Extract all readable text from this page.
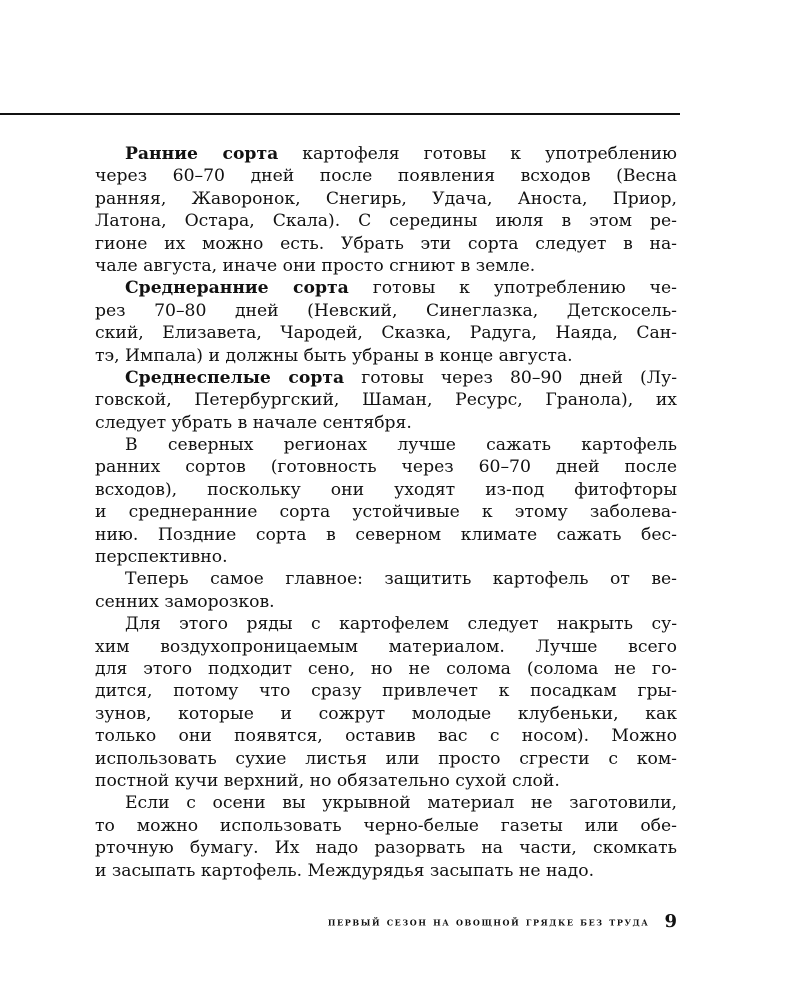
Ранние сорта картофеля готовы к употреблению
через 60–70 дней после появления всходов (Весна
ранняя, Жаворонок, Снегирь, Удача, Аноста, Приор,
Латона, Остара, Скала). С середины июля в этом ре-
гионе их можно есть. Убрать эти сорта следует в на-
чале августа, иначе они просто сгниют в земле.
Среднеранние сорта готовы к употреблению че-
рез 70–80 дней (Невский, Синеглазка, Детскосель-
ский, Елизавета, Чародей, Сказка, Радуга, Наяда, Сан-
тэ, Импала) и должны быть убраны в конце августа.
Среднеспелые сорта готовы через 80–90 дней (Лу-
говской, Петербургский, Шаман, Ресурс, Гранола), их
следует убрать в начале сентября.
В северных регионах лучше сажать картофель
ранних сортов (готовность через 60–70 дней после
всходов), поскольку они уходят из-под фитофторы
и среднеранние сорта устойчивые к этому заболева-
нию. Поздние сорта в северном климате сажать бес-
перспективно.
Теперь самое главное: защитить картофель от ве-
сенних заморозков.
Для этого ряды с картофелем следует накрыть су-
хим воздухопроницаемым материалом. Лучше всего
для этого подходит сено, но не солома (солома не го-
дится, потому что сразу привлечет к посадкам гры-
зунов, которые и сожрут молодые клубеньки, как
только они появятся, оставив вас с носом). Можно
использовать сухие листья или просто сгрести с ком-
постной кучи верхний, но обязательно сухой слой.
Если с осени вы укрывной материал не заготовили,
то можно использовать черно-белые газеты или обе-
рточную бумагу. Их надо разорвать на части, скомкать
и засыпать картофель. Междурядья засыпать не надо.
первый сезон на овощной грядке без труда 9
